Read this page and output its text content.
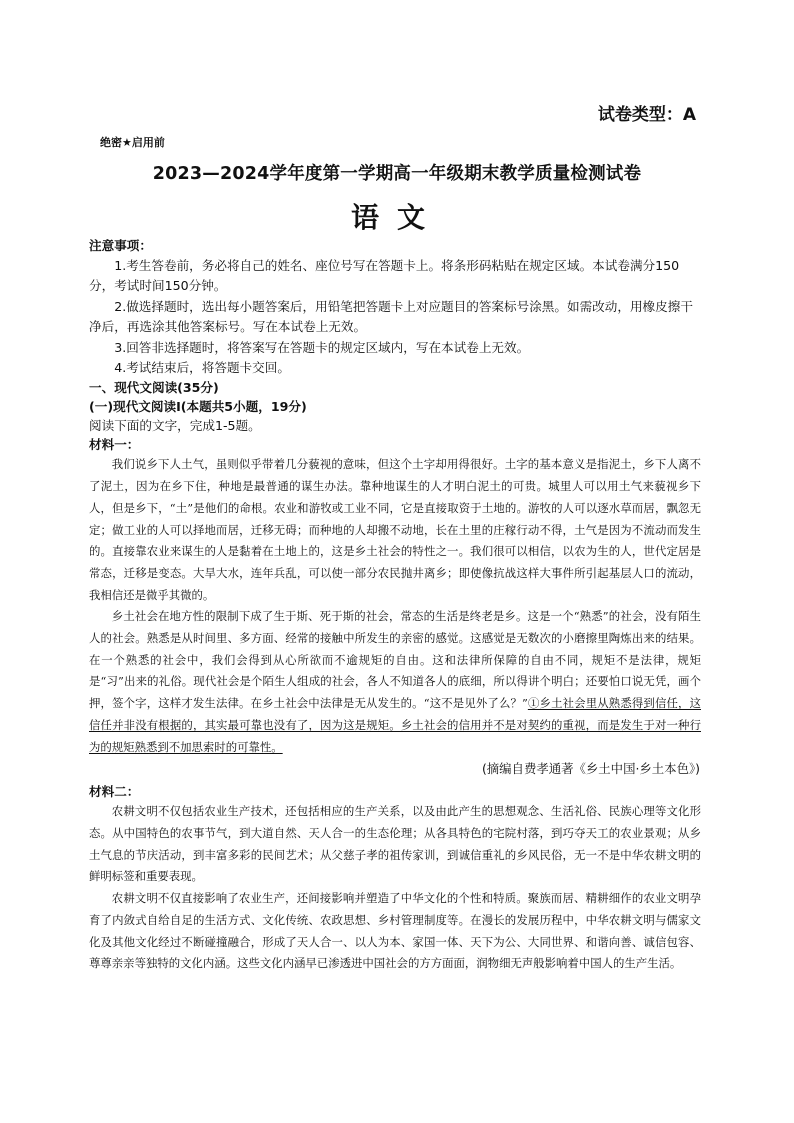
试卷类型：A
绝密★启用前
2023—2024学年度第一学期高一年级期末教学质量检测试卷
语文
注意事项：

1.考生答卷前，务必将自己的姓名、座位号写在答题卡上。将条形码粘贴在规定区域。本试卷满分150分，考试时间150分钟。

2.做选择题时，选出每小题答案后，用铅笔把答题卡上对应题目的答案标号涂黑。如需改动，用橡皮擦干净后，再选涂其他答案标号。写在本试卷上无效。

3.回答非选择题时，将答案写在答题卡的规定区域内，写在本试卷上无效。

4.考试结束后，将答题卡交回。

一、现代文阅读(35分)

(一)现代文阅读I(本题共5小题，19分)

阅读下面的文字，完成1-5题。

材料一：

我们说乡下人土气，虽则似乎带着几分藐视的意味，但这个土字却用得很好。土字的基本意义是指泥土，乡下人离不了泥土，因为在乡下住，种地是最普通的谋生办法。靠种地谋生的人才明白泥土的可贵。城里人可以用土气来藐视乡下人，但是乡下，“土”是他们的命根。农业和游牧或工业不同，它是直接取资于土地的。游牧的人可以逐水草而居，飘忽无定；做工业的人可以择地而居，迁移无碍；而种地的人却搬不动地，长在土里的庄稼行动不得，土气是因为不流动而发生的。直接靠农业来谋生的人是黏着在土地上的，这是乡土社会的特性之一。我们很可以相信，以农为生的人，世代定居是常态，迁移是变态。大旱大水，连年兵乱，可以使一部分农民抛井离乡；即使像抗战这样大事件所引起基层人口的流动，我相信还是微乎其微的。

乡土社会在地方性的限制下成了生于斯、死于斯的社会，常态的生活是终老是乡。这是一个“熟悉”的社会，没有陌生人的社会。熟悉是从时间里、多方面、经常的接触中所发生的亲密的感觉。这感觉是无数次的小磨擦里陶炼出来的结果。在一个熟悉的社会中，我们会得到从心所欲而不逾规矩的自由。这和法律所保障的自由不同，规矩不是法律，规矩是“习”出来的礼俗。现代社会是个陌生人组成的社会，各人不知道各人的底细，所以得讲个明白；还要怕口说无凭，画个押，签个字，这样才发生法律。在乡土社会中法律是无从发生的。“这不是见外了么？”①乡土社会里从熟悉得到信任，这信任并非没有根据的，其实最可靠也没有了，因为这是规矩。乡土社会的信用并不是对契约的重视，而是发生于对一种行为的规矩熟悉到不加思索时的可靠性。

(摘编自费孝通著《乡土中国·乡土本色》)

材料二：

农耕文明不仅包括农业生产技术，还包括相应的生产关系，以及由此产生的思想观念、生活礼俗、民族心理等文化形态。从中国特色的农事节气，到大道自然、天人合一的生态伦理；从各具特色的宅院村落，到巧夺天工的农业景观；从乡土气息的节庆活动，到丰富多彩的民间艺术；从父慈子孝的祖传家训，到诚信重礼的乡风民俗，无一不是中华农耕文明的鲜明标签和重要表现。

农耕文明不仅直接影响了农业生产，还间接影响并塑造了中华文化的个性和特质。聚族而居、精耕细作的农业文明孕育了内敛式自给自足的生活方式、文化传统、农政思想、乡村管理制度等。在漫长的发展历程中，中华农耕文明与儒家文化及其他文化经过不断碰撞融合，形成了天人合一、以人为本、家国一体、天下为公、大同世界、和谐向善、诚信包容、尊尊亲亲等独特的文化内涵。这些文化内涵早已渗透进中国社会的方方面面，润物细无声般影响着中国人的生产生活。
